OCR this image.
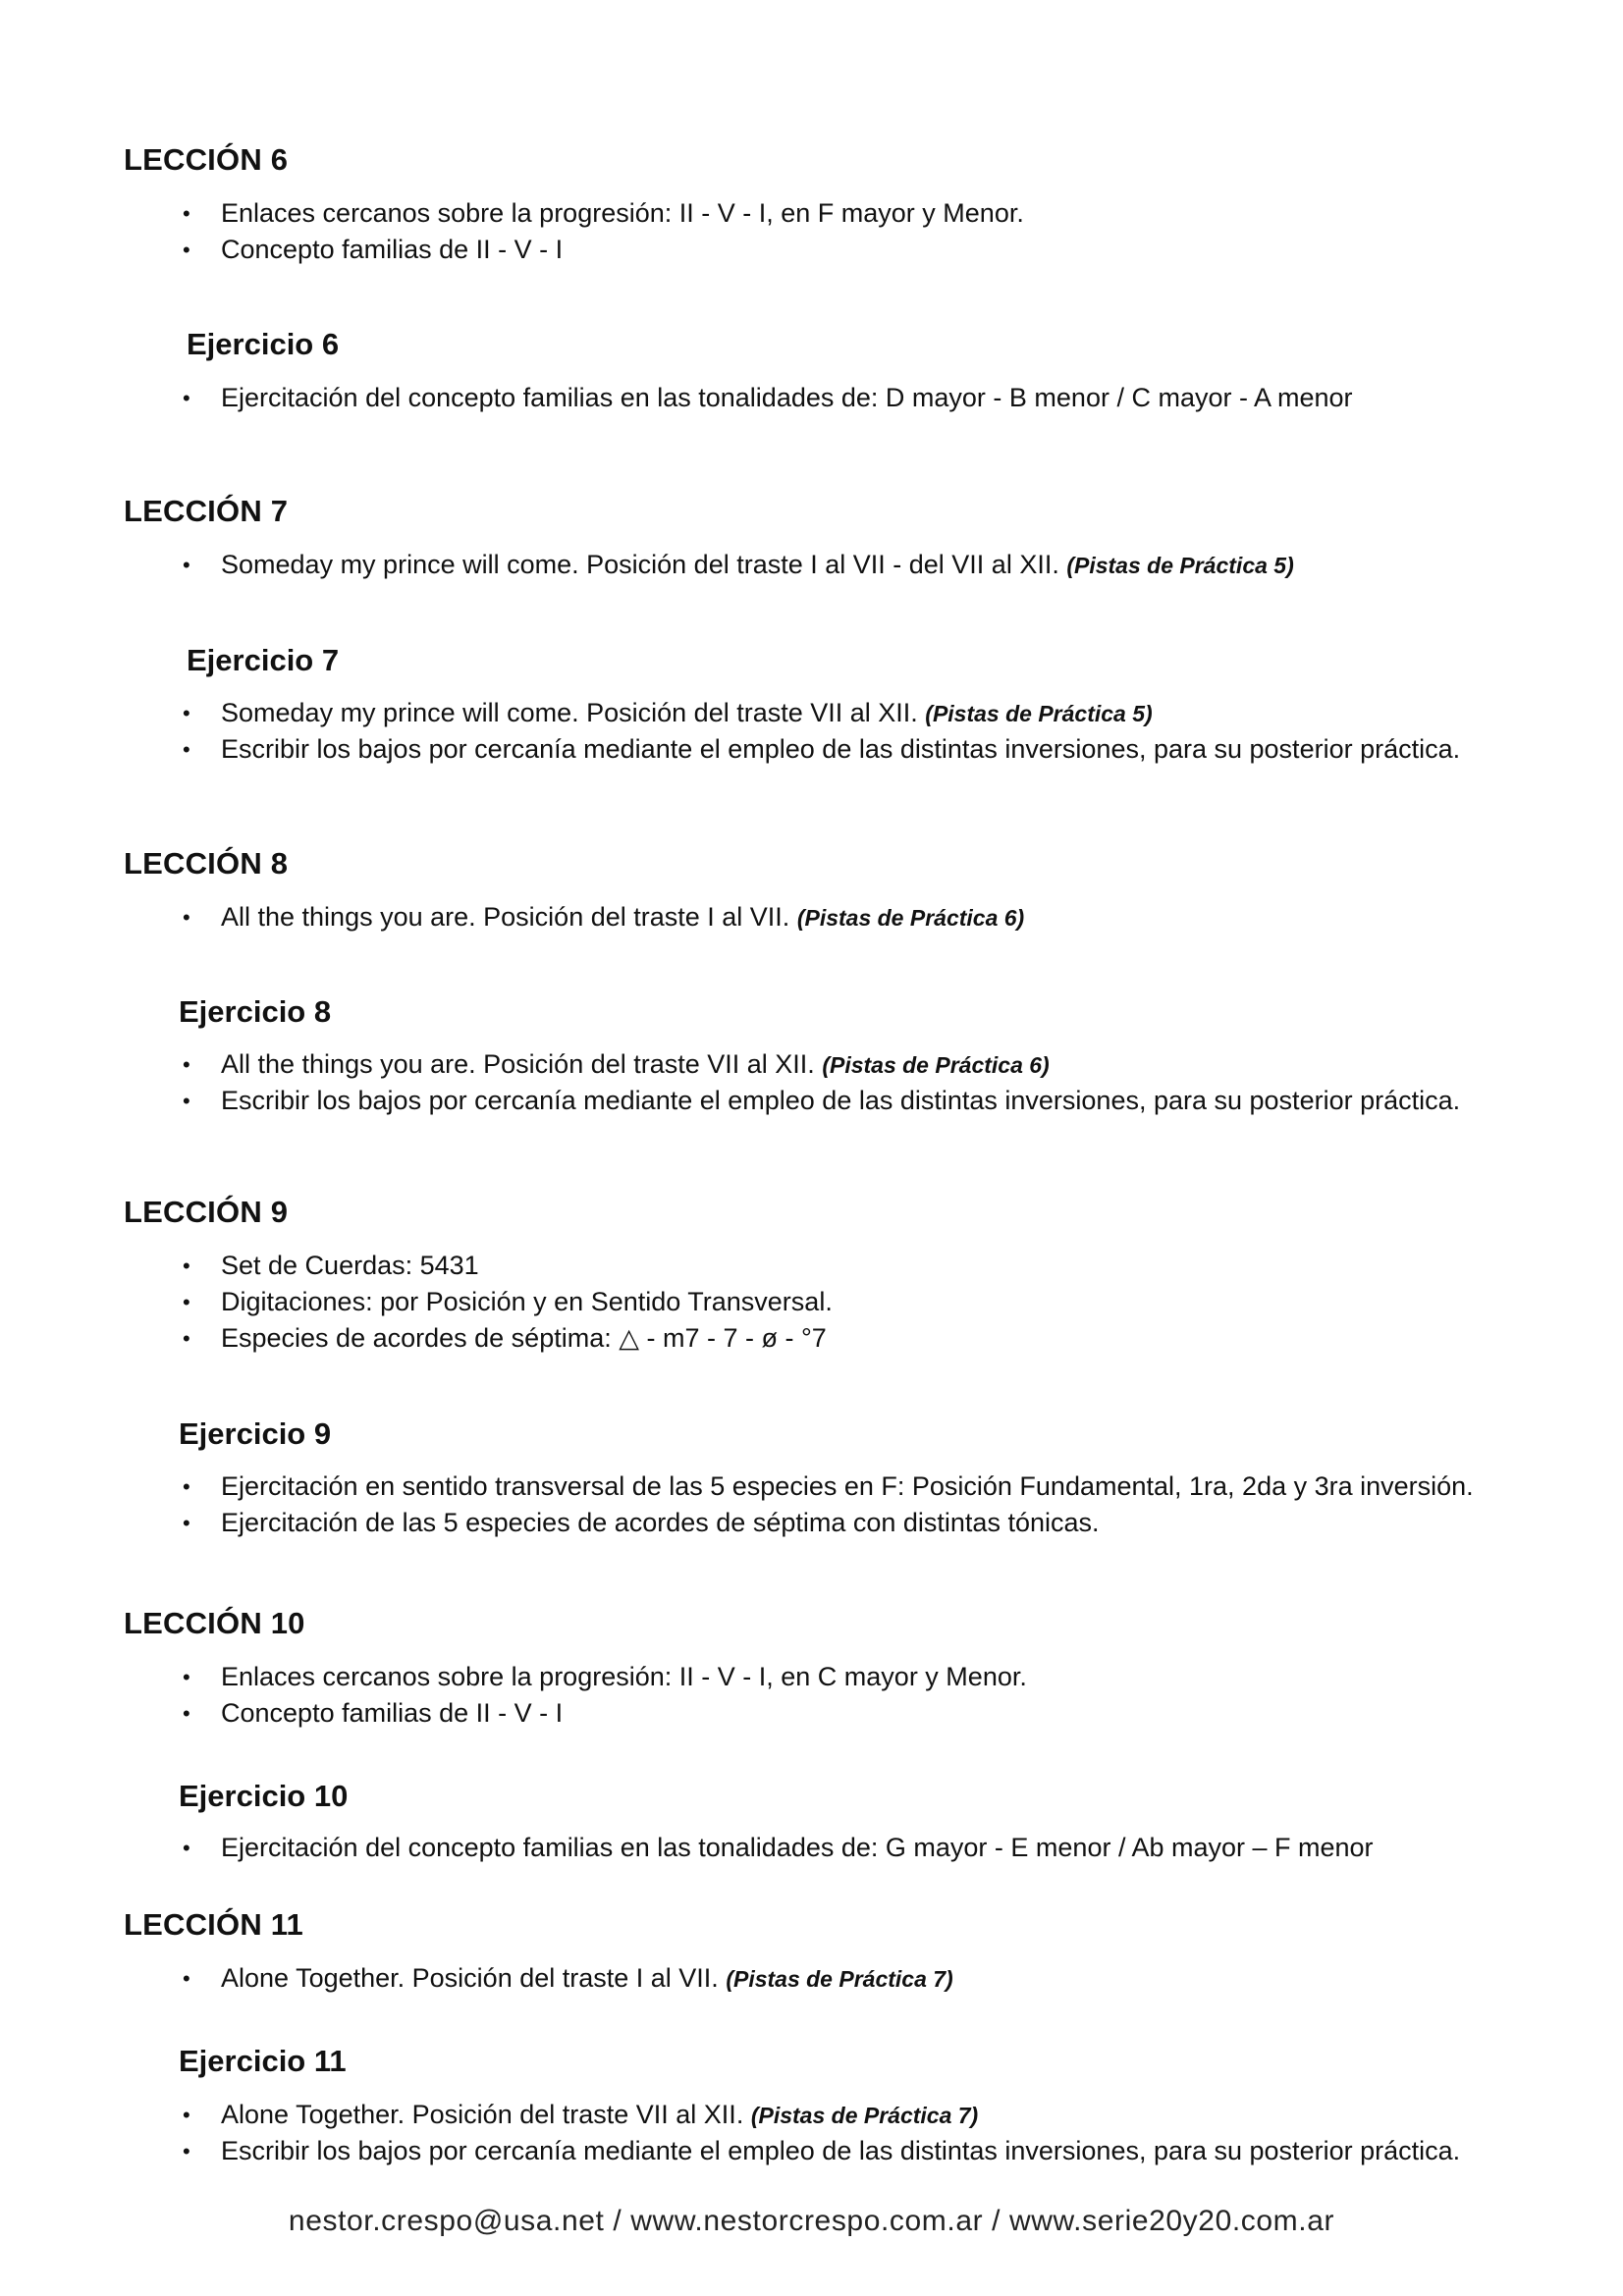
LECCIÓN 6
• Enlaces cercanos sobre la progresión: II - V - I, en F mayor y Menor.
• Concepto familias de II - V - I
Ejercicio 6
• Ejercitación del concepto familias en las tonalidades de: D mayor - B menor / C mayor - A menor
LECCIÓN 7
• Someday my prince will come. Posición del traste I al VII - del VII al XII. (Pistas de Práctica 5)
Ejercicio 7
• Someday my prince will come. Posición del traste VII al XII. (Pistas de Práctica 5)
• Escribir los bajos por cercanía mediante el empleo de las distintas inversiones, para su posterior práctica.
LECCIÓN 8
• All the things you are. Posición del traste I al VII. (Pistas de Práctica 6)
Ejercicio 8
• All the things you are. Posición del traste VII al XII. (Pistas de Práctica 6)
• Escribir los bajos por cercanía mediante el empleo de las distintas inversiones, para su posterior práctica.
LECCIÓN 9
• Set de Cuerdas: 5431
• Digitaciones: por Posición y en Sentido Transversal.
• Especies de acordes de séptima: △ - m7 - 7 - ø - °7
Ejercicio 9
• Ejercitación en sentido transversal de las 5 especies en F: Posición Fundamental, 1ra, 2da y 3ra inversión.
• Ejercitación de las 5 especies de acordes de séptima con distintas tónicas.
LECCIÓN 10
• Enlaces cercanos sobre la progresión: II - V - I, en C mayor y Menor.
• Concepto familias de II - V - I
Ejercicio 10
• Ejercitación del concepto familias en las tonalidades de: G mayor - E menor / Ab mayor – F menor
LECCIÓN 11
• Alone Together. Posición del traste I al VII. (Pistas de Práctica 7)
Ejercicio 11
• Alone Together. Posición del traste VII al XII. (Pistas de Práctica 7)
• Escribir los bajos por cercanía mediante el empleo de las distintas inversiones, para su posterior práctica.
nestor.crespo@usa.net / www.nestorcrespo.com.ar / www.serie20y20.com.ar
